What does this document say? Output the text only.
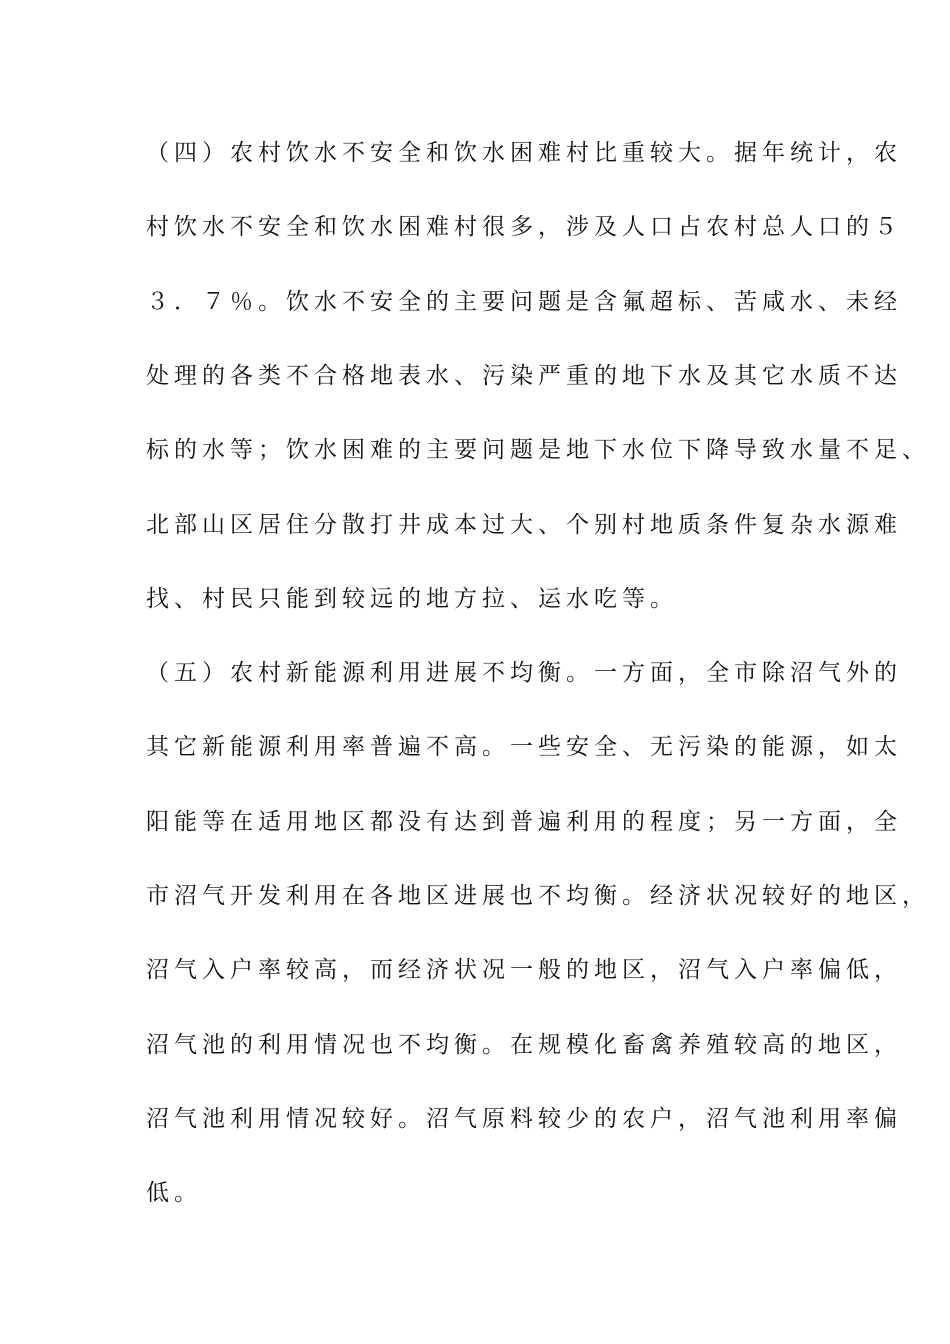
（四）农村饮水不安全和饮水困难村比重较大。据年统计，农
村饮水不安全和饮水困难村很多，涉及人口占农村总人口的５
３．７％。饮水不安全的主要问题是含氟超标、苦咸水、未经
处理的各类不合格地表水、污染严重的地下水及其它水质不达
标的水等；饮水困难的主要问题是地下水位下降导致水量不足、
北部山区居住分散打井成本过大、个别村地质条件复杂水源难
找、村民只能到较远的地方拉、运水吃等。
（五）农村新能源利用进展不均衡。一方面，全市除沼气外的
其它新能源利用率普遍不高。一些安全、无污染的能源，如太
阳能等在适用地区都没有达到普遍利用的程度；另一方面，全
市沼气开发利用在各地区进展也不均衡。经济状况较好的地区，
沼气入户率较高，而经济状况一般的地区，沼气入户率偏低，
沼气池的利用情况也不均衡。在规模化畜禽养殖较高的地区，
沼气池利用情况较好。沼气原料较少的农户，沼气池利用率偏
低。
